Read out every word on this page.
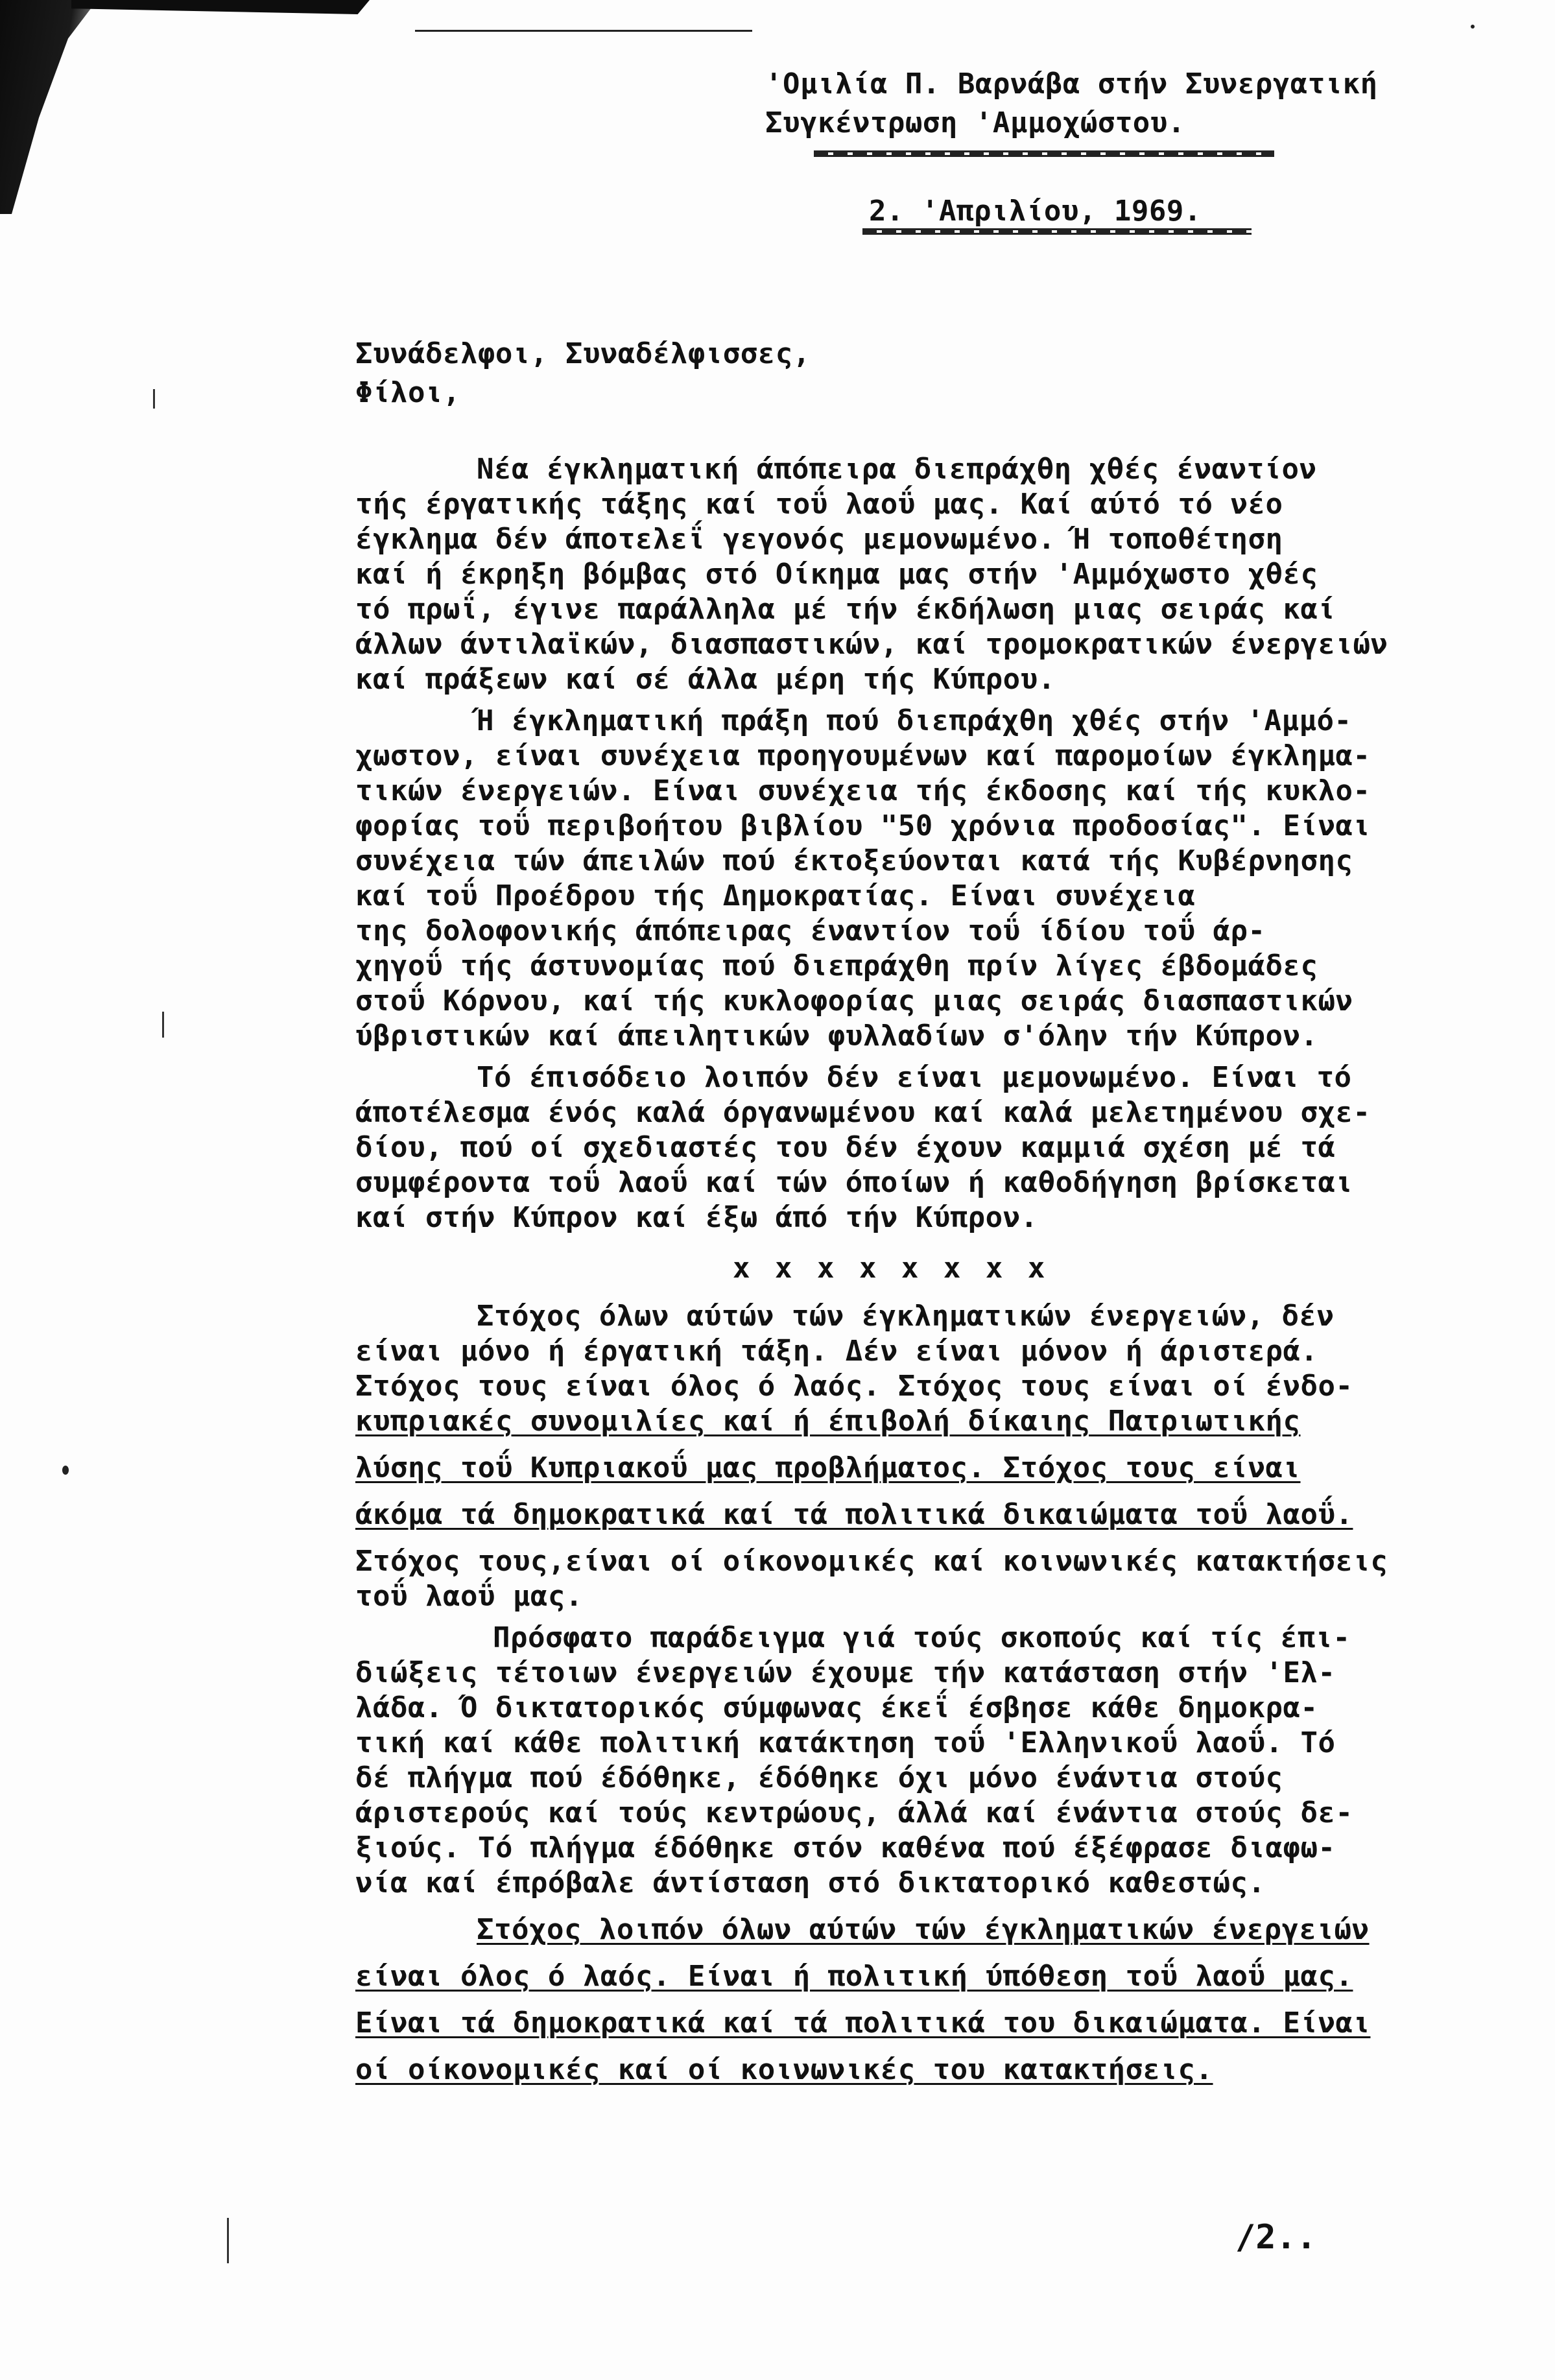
'Ομιλία Π. Βαρνάβα στήν Συνεργατική
Συγκέντρωση 'Αμμοχώστου.
2. 'Απριλίου, 1969.
Συνάδελφοι, Συναδέλφισσες,
Φίλοι,
Νέα έγκληματική άπόπειρα διεπράχθη χθές έναντίον
τής έργατικής τάξης καί τοΰ λαοΰ μας. Καί αύτό τό νέο
έγκλημα δέν άποτελεΐ γεγονός μεμονωμένο. Ή τοποθέτηση
καί ή έκρηξη βόμβας στό Οίκημα μας στήν 'Αμμόχωστο χθές
τό πρωΐ, έγινε παράλληλα μέ τήν έκδήλωση μιας σειράς καί
άλλων άντιλαϊκών, διασπαστικών, καί τρομοκρατικών ένεργειών
καί πράξεων καί σέ άλλα μέρη τής Κύπρου.
Ή έγκληματική πράξη πού διεπράχθη χθές στήν 'Αμμό-
χωστον, είναι συνέχεια προηγουμένων καί παρομοίων έγκλημα-
τικών ένεργειών. Είναι συνέχεια τής έκδοσης καί τής κυκλο-
φορίας τοΰ περιβοήτου βιβλίου "50 χρόνια προδοσίας". Είναι
συνέχεια τών άπειλών πού έκτοξεύονται κατά τής Κυβέρνησης
καί τοΰ Προέδρου τής Δημοκρατίας. Είναι συνέχεια
της δολοφονικής άπόπειρας έναντίον τοΰ ίδίου τοΰ άρ-
χηγοΰ τής άστυνομίας πού διεπράχθη πρίν λίγες έβδομάδες
στοΰ Κόρνου, καί τής κυκλοφορίας μιας σειράς διασπαστικών
ύβριστικών καί άπειλητικών φυλλαδίων σ'όλην τήν Κύπρον.
Τό έπισόδειο λοιπόν δέν είναι μεμονωμένο. Είναι τό
άποτέλεσμα ένός καλά όργανωμένου καί καλά μελετημένου σχε-
δίου, πού οί σχεδιαστές του δέν έχουν καμμιά σχέση μέ τά
συμφέροντα τοΰ λαοΰ καί τών όποίων ή καθοδήγηση βρίσκεται
καί στήν Κύπρον καί έξω άπό τήν Κύπρον.
x x x x x x x x
Στόχος όλων αύτών τών έγκληματικών ένεργειών, δέν
είναι μόνο ή έργατική τάξη. Δέν είναι μόνον ή άριστερά.
Στόχος τους είναι όλος ό λαός. Στόχος τους είναι οί ένδο-
κυπριακές συνομιλίες καί ή έπιβολή δίκαιης Πατριωτικής
λύσης τοΰ Κυπριακοΰ μας προβλήματος. Στόχος τους είναι
άκόμα τά δημοκρατικά καί τά πολιτικά δικαιώματα τοΰ λαοΰ.
Στόχος τους,είναι οί οίκονομικές καί κοινωνικές κατακτήσεις
τοΰ λαοΰ μας.
Πρόσφατο παράδειγμα γιά τούς σκοπούς καί τίς έπι-
διώξεις τέτοιων ένεργειών έχουμε τήν κατάσταση στήν 'Ελ-
λάδα. Ό δικτατορικός σύμφωνας έκεΐ έσβησε κάθε δημοκρα-
τική καί κάθε πολιτική κατάκτηση τοΰ 'Ελληνικοΰ λαοΰ. Τό
δέ πλήγμα πού έδόθηκε, έδόθηκε όχι μόνο ένάντια στούς
άριστερούς καί τούς κεντρώους, άλλά καί ένάντια στούς δε-
ξιούς. Τό πλήγμα έδόθηκε στόν καθένα πού έξέφρασε διαφω-
νία καί έπρόβαλε άντίσταση στό δικτατορικό καθεστώς.
Στόχος λοιπόν όλων αύτών τών έγκληματικών ένεργειών
είναι όλος ό λαός. Είναι ή πολιτική ύπόθεση τοΰ λαοΰ μας.
Είναι τά δημοκρατικά καί τά πολιτικά του δικαιώματα. Είναι
οί οίκονομικές καί οί κοινωνικές του κατακτήσεις.
/2..
